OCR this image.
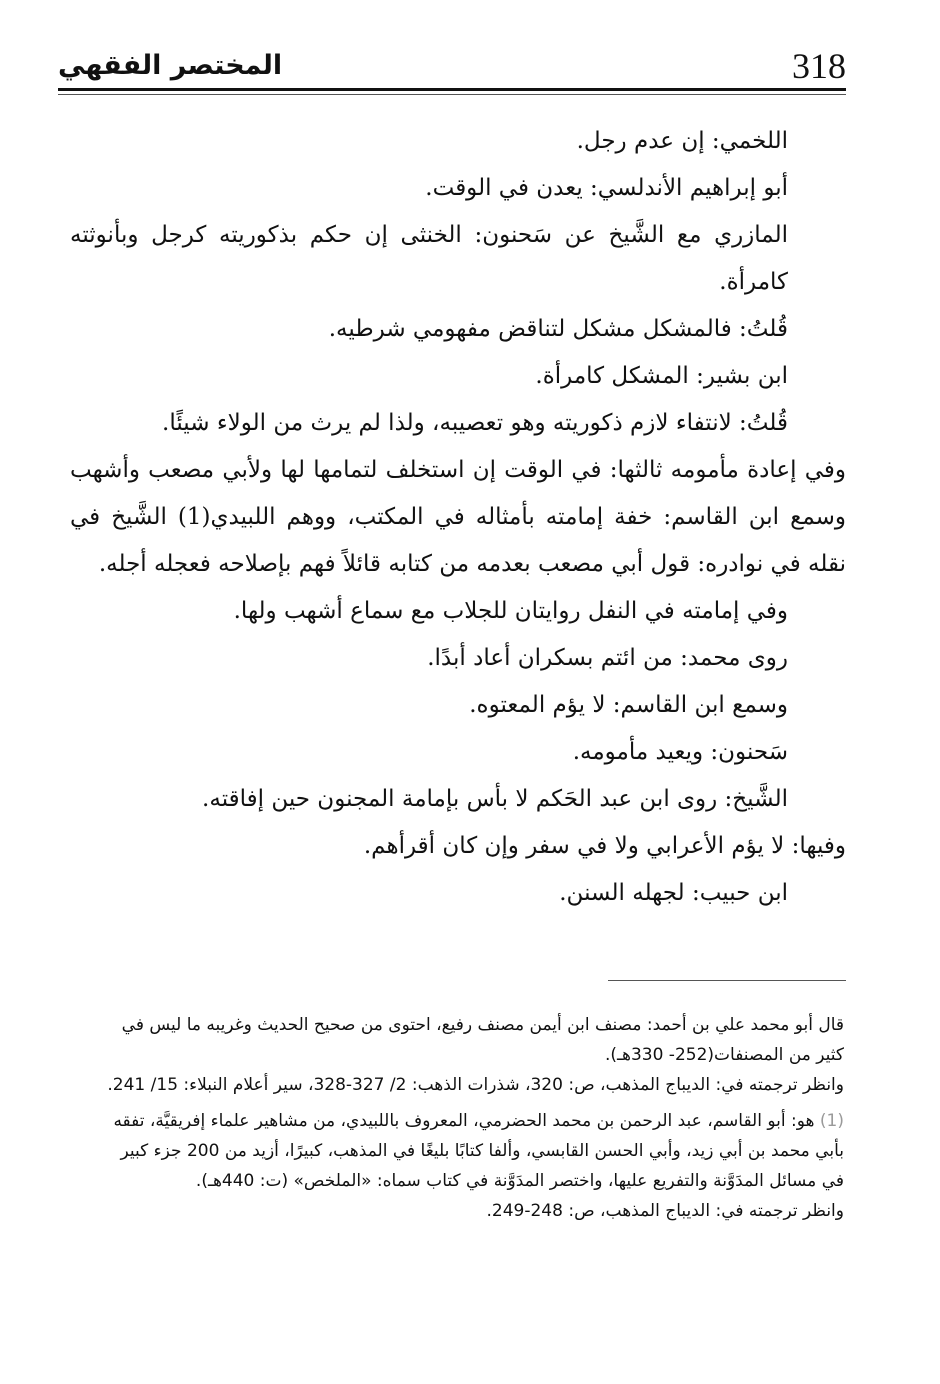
المختصر الفقهي	318

اللخمي: إن عدم رجل.

أبو إبراهيم الأندلسي: يعدن في الوقت.

المازري مع الشَّيخ عن سَحنون: الخنثى إن حكم بذكوريته كرجل وبأنوثته كامرأة.

قُلتُ: فالمشكل مشكل لتناقض مفهومي شرطيه.

ابن بشير: المشكل كامرأة.

قُلتُ: لانتفاء لازم ذكوريته وهو تعصيبه، ولذا لم يرث من الولاء شيئًا.

وفي إعادة مأمومه ثالثها: في الوقت إن استخلف لتمامها لها ولأبي مصعب وأشهب وسمع ابن القاسم: خفة إمامته بأمثاله في المكتب، ووهم اللبيدي(1) الشَّيخ في نقله في نوادره: قول أبي مصعب بعدمه من كتابه قائلاً فهم بإصلاحه فعجله أجله.

وفي إمامته في النفل روايتان للجلاب مع سماع أشهب ولها.

روى محمد: من ائتم بسكران أعاد أبدًا.

وسمع ابن القاسم: لا يؤم المعتوه.

سَحنون: ويعيد مأمومه.

الشَّيخ: روى ابن عبد الحَكم لا بأس بإمامة المجنون حين إفاقته.

وفيها: لا يؤم الأعرابي ولا في سفر وإن كان أقرأهم.

ابن حبيب: لجهله السنن.

قال أبو محمد علي بن أحمد: مصنف ابن أيمن مصنف رفيع، احتوى من صحيح الحديث وغريبه ما ليس في كثير من المصنفات(252- 330هـ).

وانظر ترجمته في: الديباج المذهب، ص: 320، شذرات الذهب: 2/ 327-328، سير أعلام النبلاء: 15/ 241.

(1) هو: أبو القاسم، عبد الرحمن بن محمد الحضرمي، المعروف باللبيدي، من مشاهير علماء إفريقيَّة، تفقه بأبي محمد بن أبي زيد، وأبي الحسن القابسي، وألفا كتابًا بليغًا في المذهب، كبيرًا، أزيد من 200 جزء كبير في مسائل المدَوَّنة والتفريع عليها، واختصر المدَوَّنة في كتاب سماه: «الملخص» (ت: 440هـ).

وانظر ترجمته في: الديباج المذهب، ص: 248-249.
